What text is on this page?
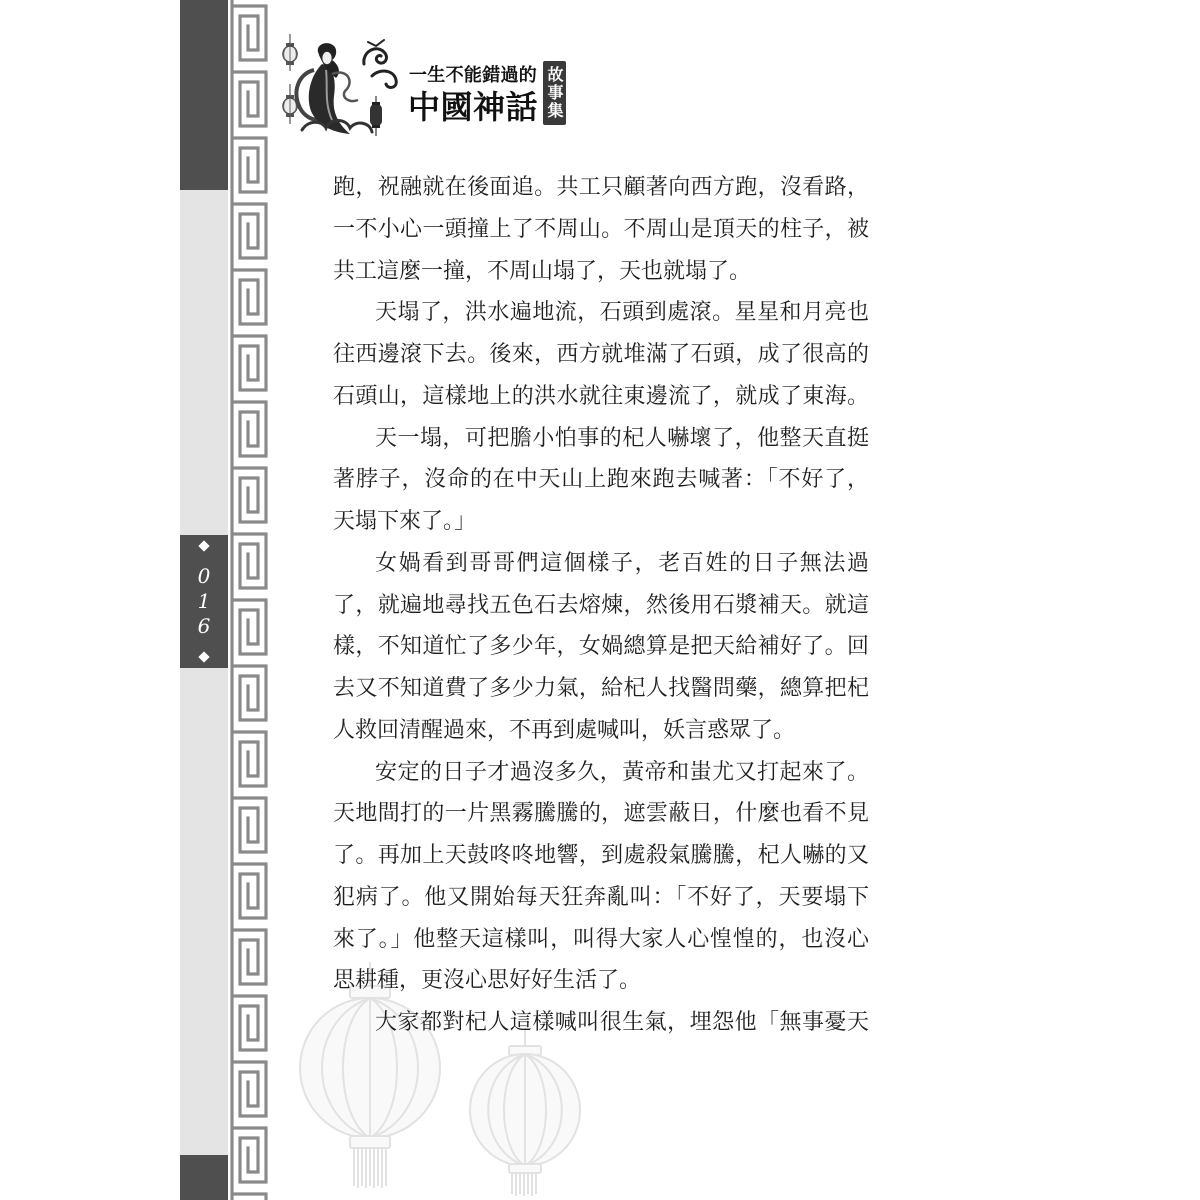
016
一生不能錯過的
中國神話 故事集
跑，祝融就在後面追。共工只顧著向西方跑，沒看路，
一不小心一頭撞上了不周山。不周山是頂天的柱子，被
共工這麼一撞，不周山塌了，天也就塌了。
天塌了，洪水遍地流，石頭到處滾。星星和月亮也
往西邊滾下去。後來，西方就堆滿了石頭，成了很高的
石頭山，這樣地上的洪水就往東邊流了，就成了東海。
天一塌，可把膽小怕事的杞人嚇壞了，他整天直挺
著脖子，沒命的在中天山上跑來跑去喊著：「不好了，
天塌下來了。」
女媧看到哥哥們這個樣子，老百姓的日子無法過
了，就遍地尋找五色石去熔煉，然後用石漿補天。就這
樣，不知道忙了多少年，女媧總算是把天給補好了。回
去又不知道費了多少力氣，給杞人找醫問藥，總算把杞
人救回清醒過來，不再到處喊叫，妖言惑眾了。
安定的日子才過沒多久，黃帝和蚩尤又打起來了。
天地間打的一片黑霧騰騰的，遮雲蔽日，什麼也看不見
了。再加上天鼓咚咚地響，到處殺氣騰騰，杞人嚇的又
犯病了。他又開始每天狂奔亂叫：「不好了，天要塌下
來了。」他整天這樣叫，叫得大家人心惶惶的，也沒心
思耕種，更沒心思好好生活了。
大家都對杞人這樣喊叫很生氣，埋怨他「無事憂天
